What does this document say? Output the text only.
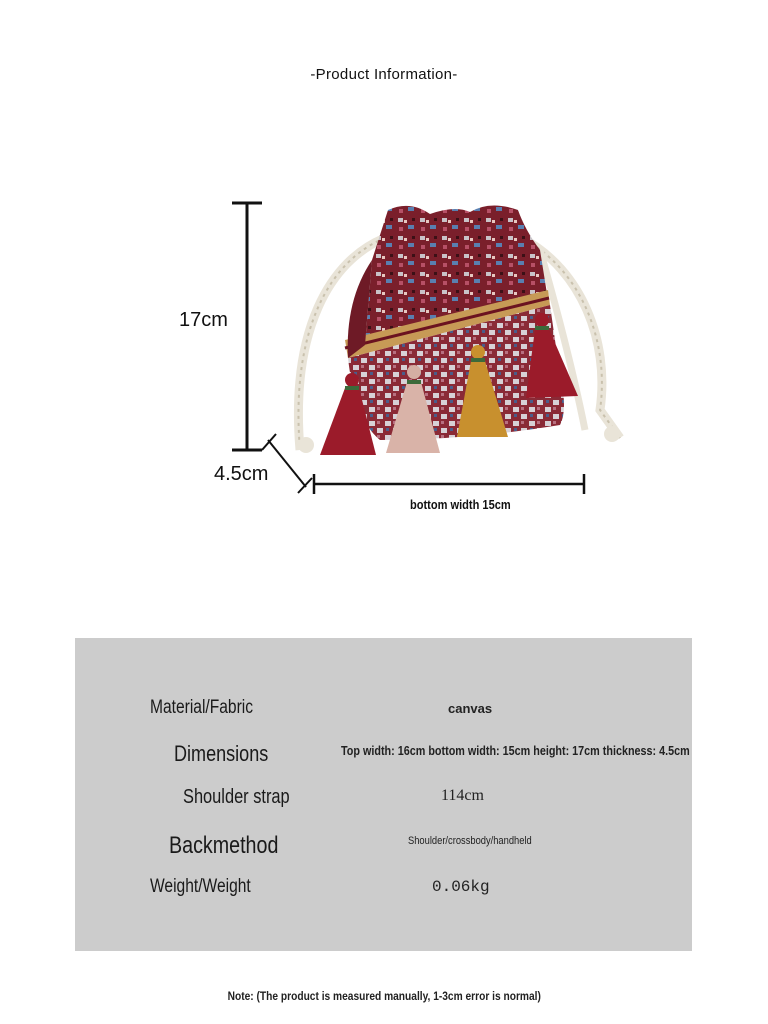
-Product Information-
17cm
4.5cm
bottom width 15cm
Material/Fabric	canvas
Dimensions	Top width: 16cm bottom width: 15cm height: 17cm thickness: 4.5cm
Shoulder strap	114cm
Backmethod	Shoulder/crossbody/handheld
Weight/Weight	0.06kg
Note: (The product is measured manually, 1-3cm error is normal)
